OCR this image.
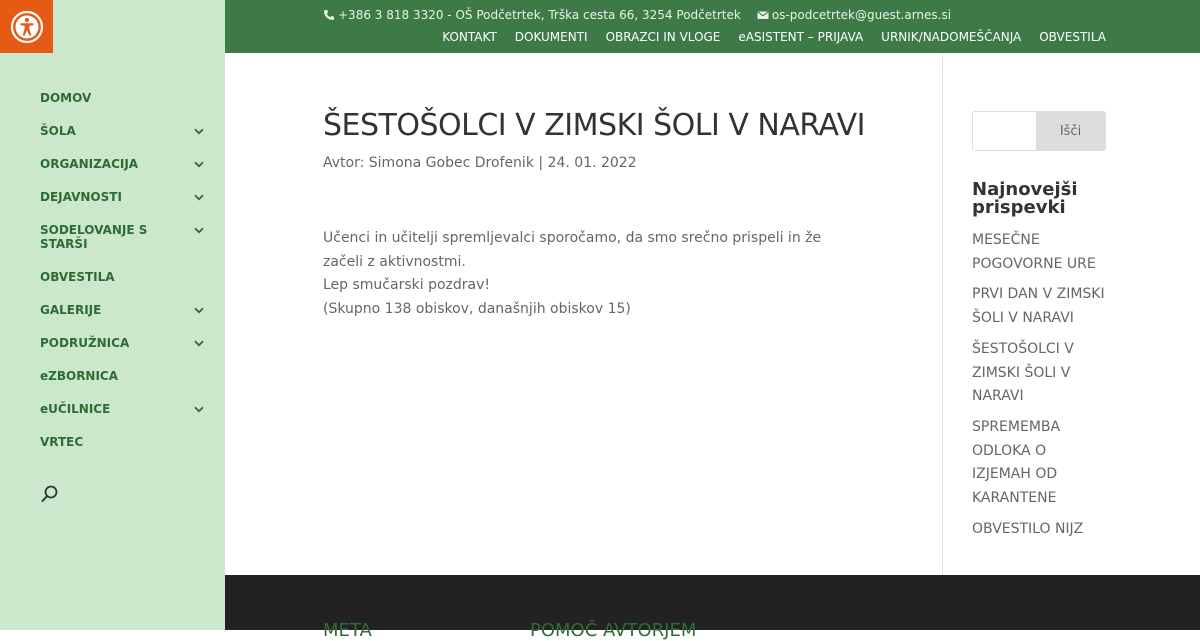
DOMOV
ŠOLA
ORGANIZACIJA
DEJAVNOSTI
SODELOVANJE S STARŠI
OBVESTILA
GALERIJE
PODRUŽNICA
eZBORNICA
eUČILNICE
VRTEC
+386 3 818 3320 - OŠ Podčetrtek, Trška cesta 66, 3254 Podčetrtek	os-podcetrtek@guest.arnes.si
KONTAKT DOKUMENTI OBRAZCI IN VLOGE eASISTENT – PRIJAVA URNIK/NADOMEŠČANJA OBVESTILA
ŠESTOŠOLCI V ZIMSKI ŠOLI V NARAVI

Avtor: Simona Gobec Drofenik | 24. 01. 2022

Učenci in učitelji spremljevalci sporočamo, da smo srečno prispeli in že začeli z aktivnostmi.

Lep smučarski pozdrav!

(Skupno 138 obiskov, današnjih obiskov 15)

Išči
Najnovejši prispevki
MESEČNE POGOVORNE URE
PRVI DAN V ZIMSKI ŠOLI V NARAVI
ŠESTOŠOLCI V ZIMSKI ŠOLI V NARAVI
SPREMEMBA ODLOKA O IZJEMAH OD KARANTENE
OBVESTILO NIJZ
META	POMOČ AVTORJEM
